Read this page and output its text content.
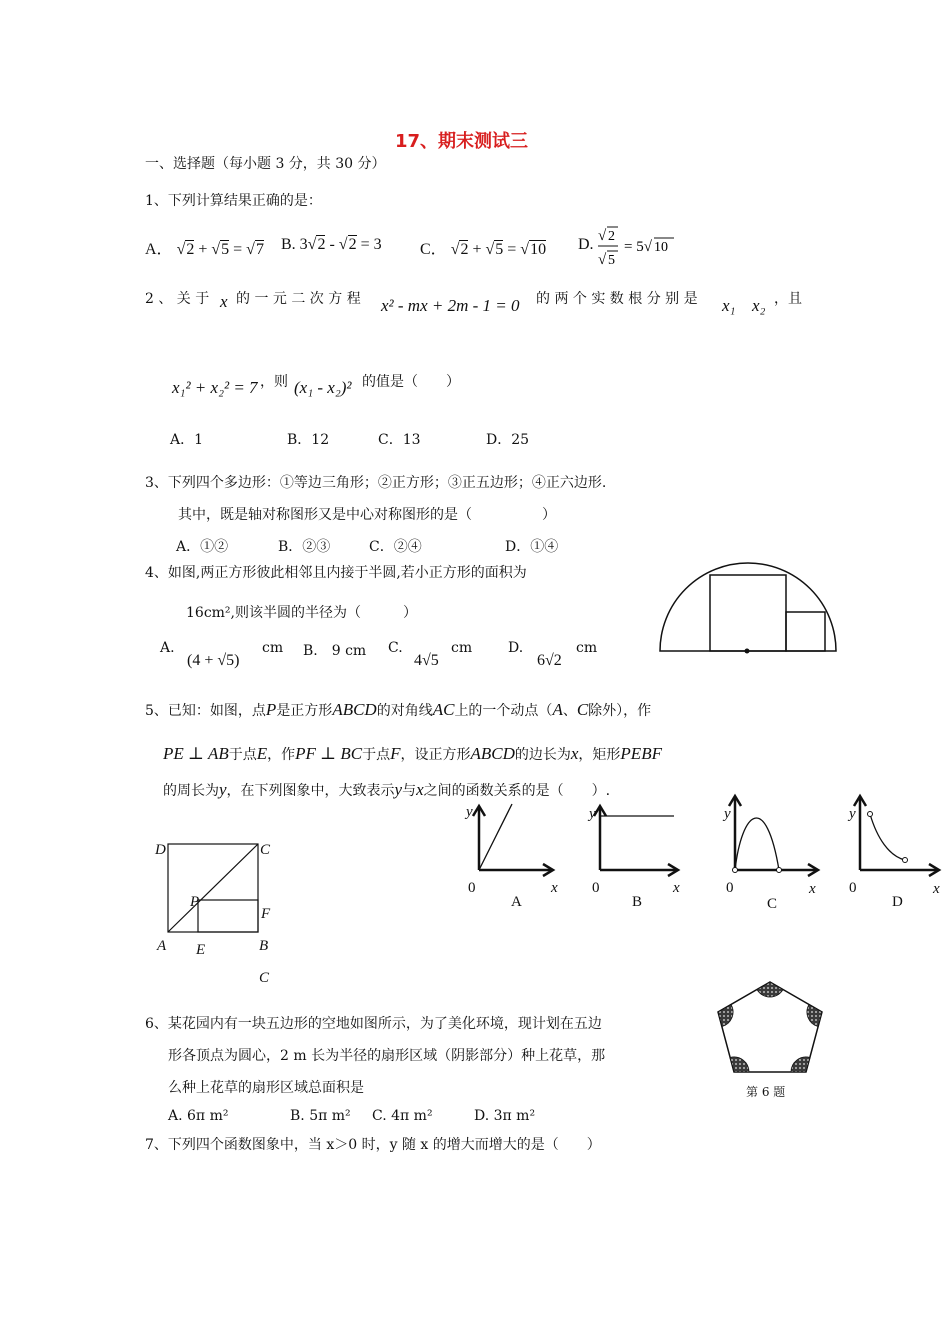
17、期末测试三
一、选择题（每小题 3 分，共 30 分）
1、下列计算结果正确的是：
A． √2 + √5 = √7 B. 3√2 - √2 = 3 C． √2 + √5 = √10 D. √ 2
√ 5
= 5√ 10
2 、 关 于 x 的 一 元 二 次 方 程 x² - mx + 2m - 1 = 0 的 两 个 实 数 根 分 别 是 x₁ x₂ ，且
x₁² + x₂² = 7 ，则 (x₁ - x₂)² 的值是（　　）
A．1	B．12	C．13	D．25
3、下列四个多边形：①等边三角形；②正方形；③正五边形；④正六边形.
其中，既是轴对称图形又是中心对称图形的是（　　　　　）
A．①②	B．②③	C．②④	D．①④
4、如图,两正方形彼此相邻且内接于半圆,若小正方形的面积为
16cm²,则该半圆的半径为（　　　）
A.
(4 + √5)
cm B.　9 cm C.
4√5
cm	D.
6√2
cm
5、已知：如图，点P是正方形ABCD的对角线AC上的一个动点（A、C除外），作
PE ⊥ AB于点E，作PF ⊥ BC于点F，设正方形ABCD的边长为x，矩形PEBF
的周长为y，在下列图象中，大致表示y与x之间的函数关系的是（　　）.
D	C
P
F
A E	B
C
y
0	x
A
y
0	x
B
y
0	x
C
y
0	x
D
6、某花园内有一块五边形的空地如图所示，为了美化环境，现计划在五边
形各顶点为圆心，2 m 长为半径的扇形区域（阴影部分）种上花草，那
么种上花草的扇形区域总面积是
A. 6π m²	B. 5π m² C. 4π m²	D. 3π m²
第 6 题
7、下列四个函数图象中，当 x＞0 时，y 随 x 的增大而增大的是（　　）
